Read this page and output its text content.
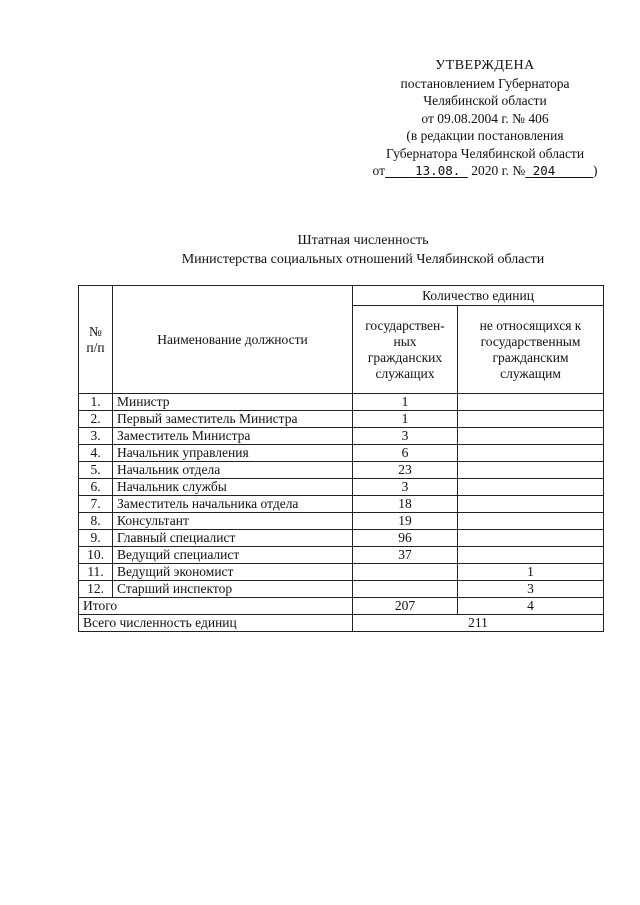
УТВЕРЖДЕНА
постановлением Губернатора
Челябинской области
от 09.08.2004 г. № 406
(в редакции постановления
Губернатора Челябинской области
от 13.08. 2020 г. № 204	)
Штатная численность
Министерства социальных отношений Челябинской области
№ п/п	Наименование должности	Количество единиц	
		государствен-ных гражданских служащих	не относящихся к государственным гражданским служащим
1.	Министр	1	
2.	Первый заместитель Министра	1	
3.	Заместитель Министра	3	
4.	Начальник управления	6	
5.	Начальник отдела	23	
6.	Начальник службы	3	
7.	Заместитель начальника отдела	18	
8.	Консультант	19	
9.	Главный специалист	96	
10.	Ведущий специалист	37	
11.	Ведущий экономист		1
12.	Старший инспектор		3
Итого		207	4
Всего численность единиц		211	
